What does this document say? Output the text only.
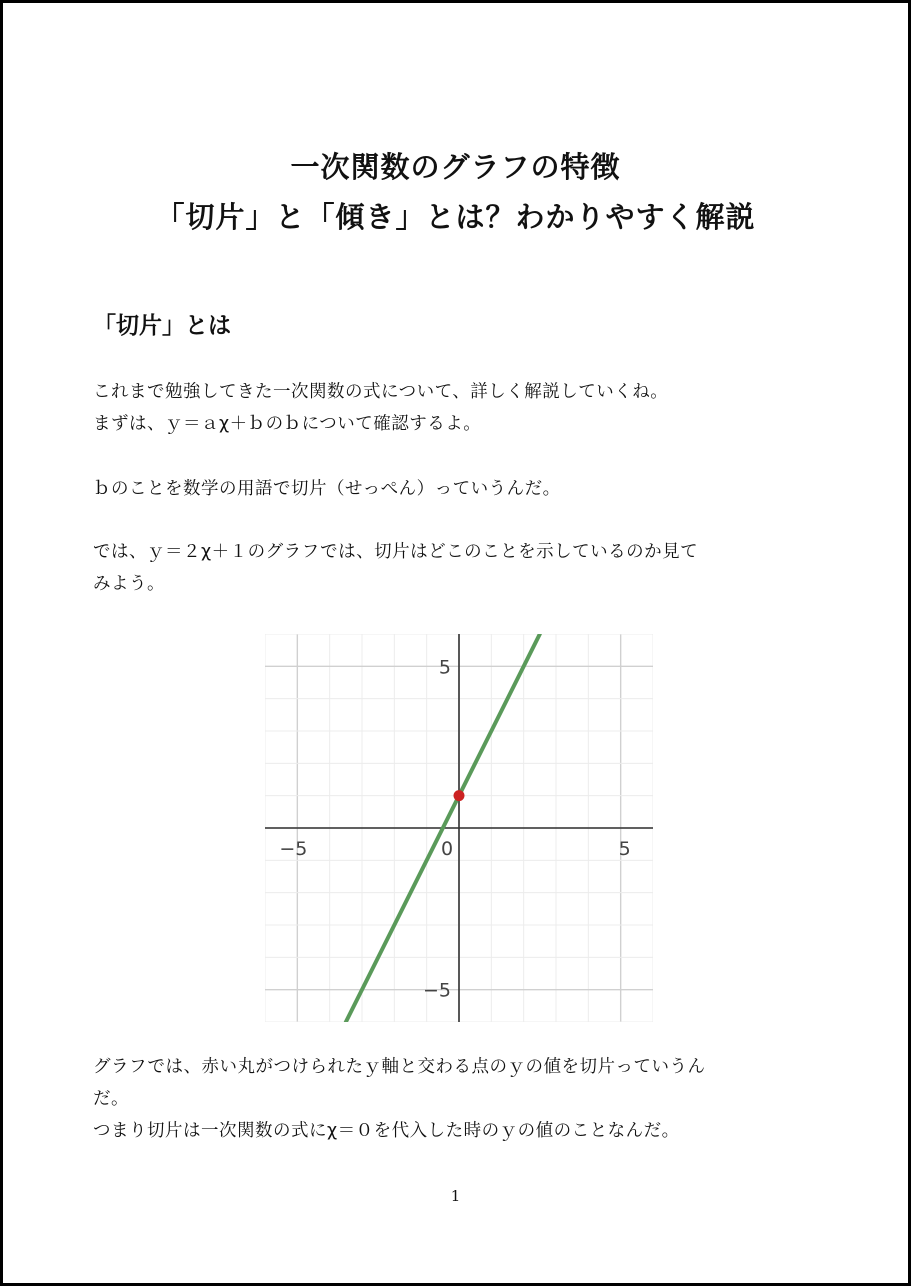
一次関数のグラフの特徴
「切片」と「傾き」とは？わかりやすく解説
「切片」とは
これまで勉強してきた一次関数の式について、詳しく解説していくね。
まずは、ｙ＝ａχ＋ｂのｂについて確認するよ。
ｂのことを数学の用語で切片（せっぺん）っていうんだ。
では、ｙ＝２χ＋１のグラフでは、切片はどこのことを示しているのか見て
みよう。
−5	0	5
5
−5
グラフでは、赤い丸がつけられたｙ軸と交わる点のｙの値を切片っていうん
だ。
つまり切片は一次関数の式にχ＝０を代入した時のｙの値のことなんだ。
1
